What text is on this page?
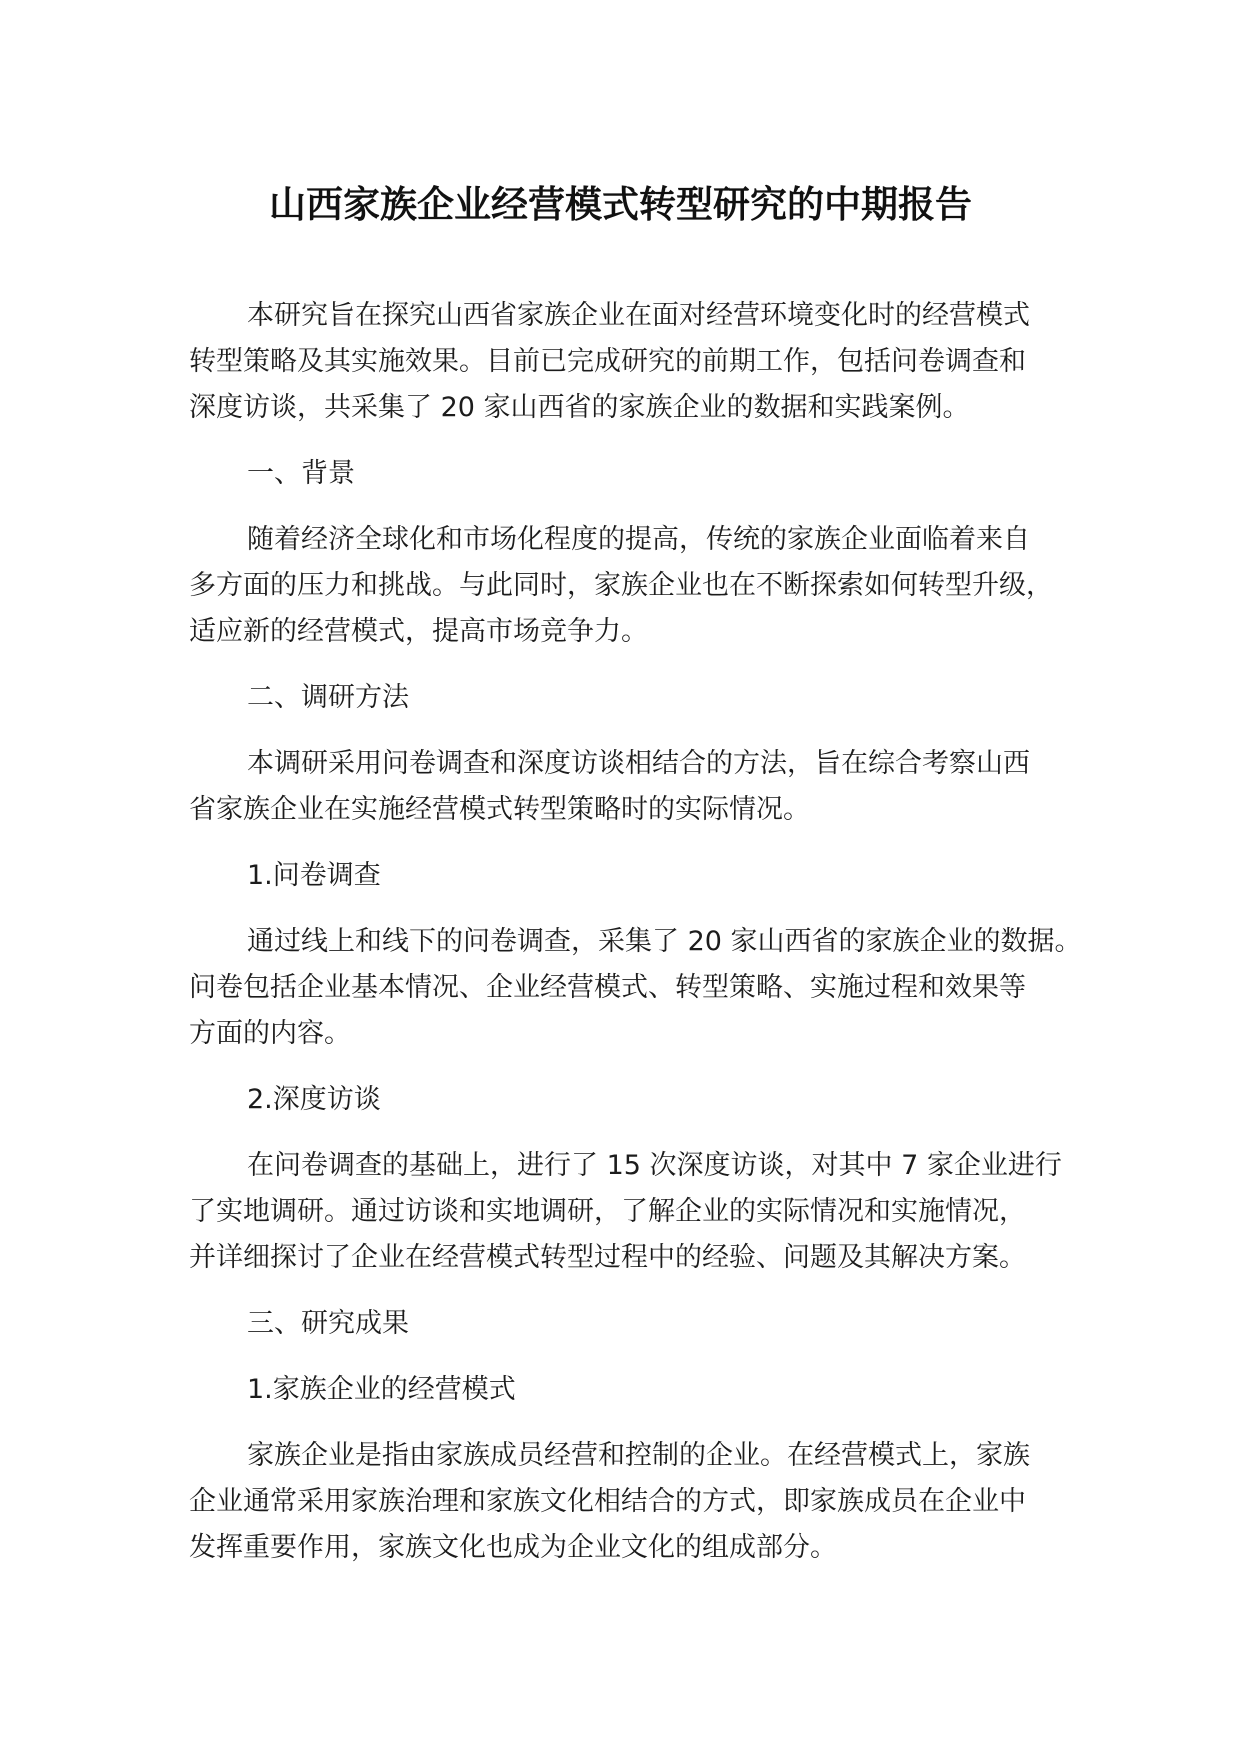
山西家族企业经营模式转型研究的中期报告

本研究旨在探究山西省家族企业在面对经营环境变化时的经营模式
转型策略及其实施效果。目前已完成研究的前期工作，包括问卷调查和
深度访谈，共采集了 20 家山西省的家族企业的数据和实践案例。

一、背景

随着经济全球化和市场化程度的提高，传统的家族企业面临着来自
多方面的压力和挑战。与此同时，家族企业也在不断探索如何转型升级，
适应新的经营模式，提高市场竞争力。

二、调研方法

本调研采用问卷调查和深度访谈相结合的方法，旨在综合考察山西
省家族企业在实施经营模式转型策略时的实际情况。

1.问卷调查

通过线上和线下的问卷调查，采集了 20 家山西省的家族企业的数据。
问卷包括企业基本情况、企业经营模式、转型策略、实施过程和效果等
方面的内容。

2.深度访谈

在问卷调查的基础上，进行了 15 次深度访谈，对其中 7 家企业进行
了实地调研。通过访谈和实地调研，了解企业的实际情况和实施情况，
并详细探讨了企业在经营模式转型过程中的经验、问题及其解决方案。

三、研究成果
1.家族企业的经营模式

家族企业是指由家族成员经营和控制的企业。在经营模式上，家族
企业通常采用家族治理和家族文化相结合的方式，即家族成员在企业中
发挥重要作用，家族文化也成为企业文化的组成部分。
